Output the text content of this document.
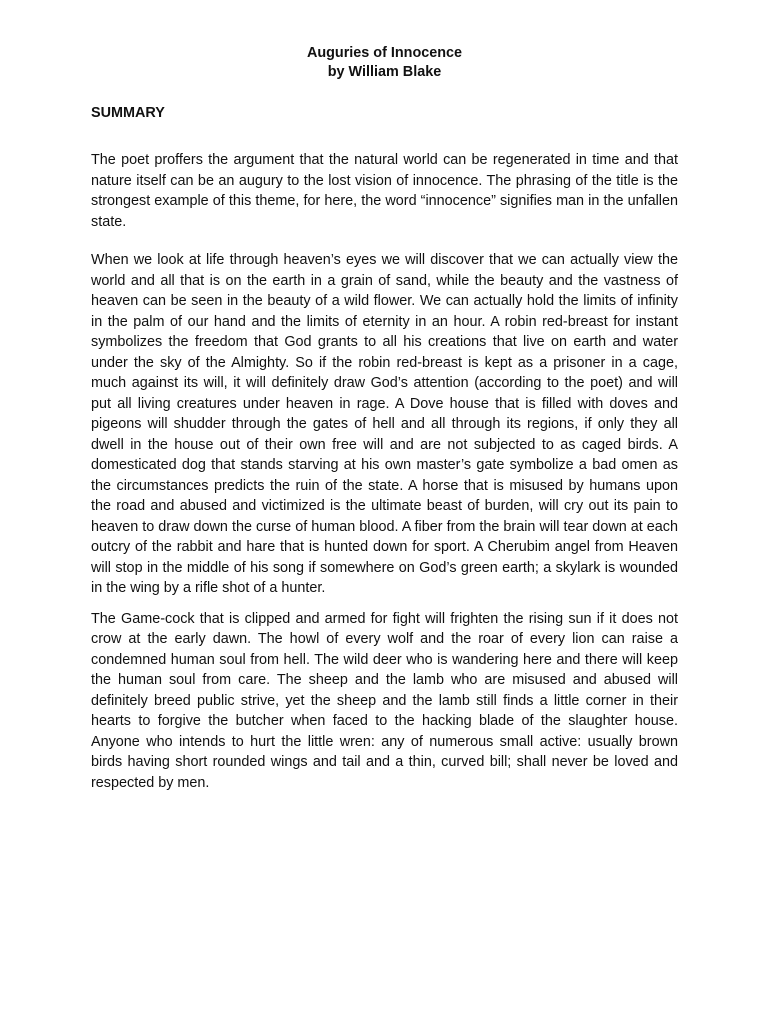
Auguries of Innocence

by William Blake

SUMMARY

The poet proffers the argument that the natural world can be regenerated in time and that nature itself can be an augury to the lost vision of innocence. The phrasing of the title is the strongest example of this theme, for here, the word “innocence” signifies man in the unfallen state.

When we look at life through heaven’s eyes we will discover that we can actually view the world and all that is on the earth in a grain of sand, while the beauty and the vastness of heaven can be seen in the beauty of a wild flower. We can actually hold the limits of infinity in the palm of our hand and the limits of eternity in an hour. A robin red-breast for instant symbolizes the freedom that God grants to all his creations that live on earth and water under the sky of the Almighty. So if the robin red-breast is kept as a prisoner in a cage, much against its will, it will definitely draw God’s attention (according to the poet) and will put all living creatures under heaven in rage. A Dove house that is filled with doves and pigeons will shudder through the gates of hell and all through its regions, if only they all dwell in the house out of their own free will and are not subjected to as caged birds. A domesticated dog that stands starving at his own master’s gate symbolize a bad omen as the circumstances predicts the ruin of the state. A horse that is misused by humans upon the road and abused and victimized is the ultimate beast of burden, will cry out its pain to heaven to draw down the curse of human blood. A fiber from the brain will tear down at each outcry of the rabbit and hare that is hunted down for sport. A Cherubim angel from Heaven will stop in the middle of his song if somewhere on God’s green earth; a skylark is wounded in the wing by a rifle shot of a hunter.

The Game-cock that is clipped and armed for fight will frighten the rising sun if it does not crow at the early dawn. The howl of every wolf and the roar of every lion can raise a condemned human soul from hell. The wild deer who is wandering here and there will keep the human soul from care. The sheep and the lamb who are misused and abused will definitely breed public strive, yet the sheep and the lamb still finds a little corner in their hearts to forgive the butcher when faced to the hacking blade of the slaughter house. Anyone who intends to hurt the little wren: any of numerous small active: usually brown birds having short rounded wings and tail and a thin, curved bill; shall never be loved and respected by men.
